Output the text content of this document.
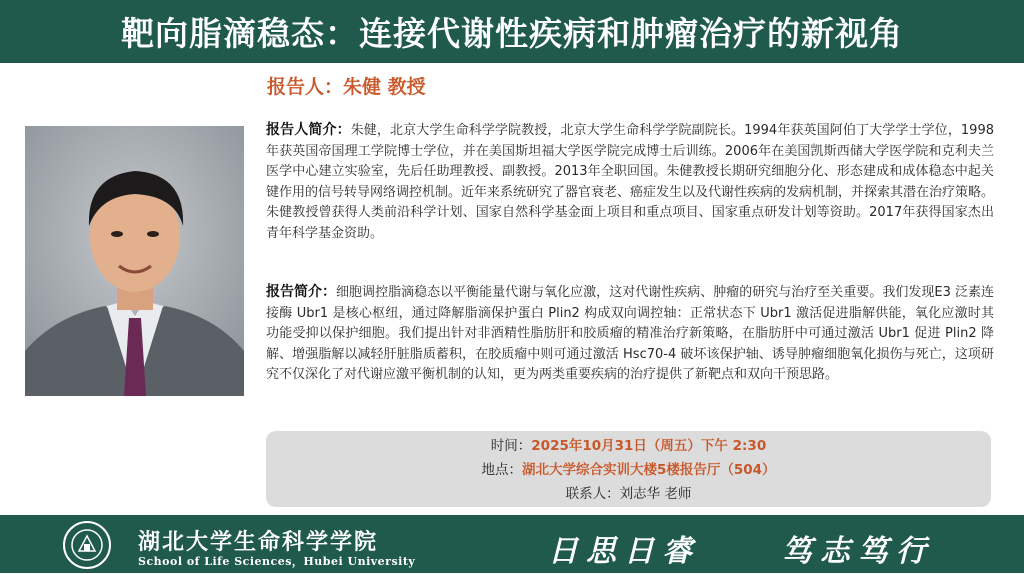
靶向脂滴稳态：连接代谢性疾病和肿瘤治疗的新视角
报告人：朱健 教授

报告人简介：朱健，北京大学生命科学学院教授，北京大学生命科学学院副院长。1994年获英国阿伯丁大学学士学位，1998年获英国帝国理工学院博士学位，并在美国斯坦福大学医学院完成博士后训练。2006年在美国凯斯西储大学医学院和克利夫兰医学中心建立实验室，先后任助理教授、副教授。2013年全职回国。朱健教授长期研究细胞分化、形态建成和成体稳态中起关键作用的信号转导网络调控机制。近年来系统研究了器官衰老、癌症发生以及代谢性疾病的发病机制，并探索其潜在治疗策略。朱健教授曾获得人类前沿科学计划、国家自然科学基金面上项目和重点项目、国家重点研发计划等资助。2017年获得国家杰出青年科学基金资助。

报告简介：细胞调控脂滴稳态以平衡能量代谢与氧化应激，这对代谢性疾病、肿瘤的研究与治疗至关重要。我们发现E3 泛素连接酶 Ubr1 是核心枢纽，通过降解脂滴保护蛋白 Plin2 构成双向调控轴：正常状态下 Ubr1 激活促进脂解供能，氧化应激时其功能受抑以保护细胞。我们提出针对非酒精性脂肪肝和胶质瘤的精准治疗新策略，在脂肪肝中可通过激活 Ubr1 促进 Plin2 降解、增强脂解以减轻肝脏脂质蓄积，在胶质瘤中则可通过激活 Hsc70-4 破坏该保护轴、诱导肿瘤细胞氧化损伤与死亡，这项研究不仅深化了对代谢应激平衡机制的认知，更为两类重要疾病的治疗提供了新靶点和双向干预思路。

时间：2025年10月31日（周五）下午 2:30
地点：湖北大学综合实训大楼5楼报告厅（504）
联系人：刘志华 老师
湖北大学生命科学学院
School of Life Sciences，Hubei University	日思日睿	笃志笃行
